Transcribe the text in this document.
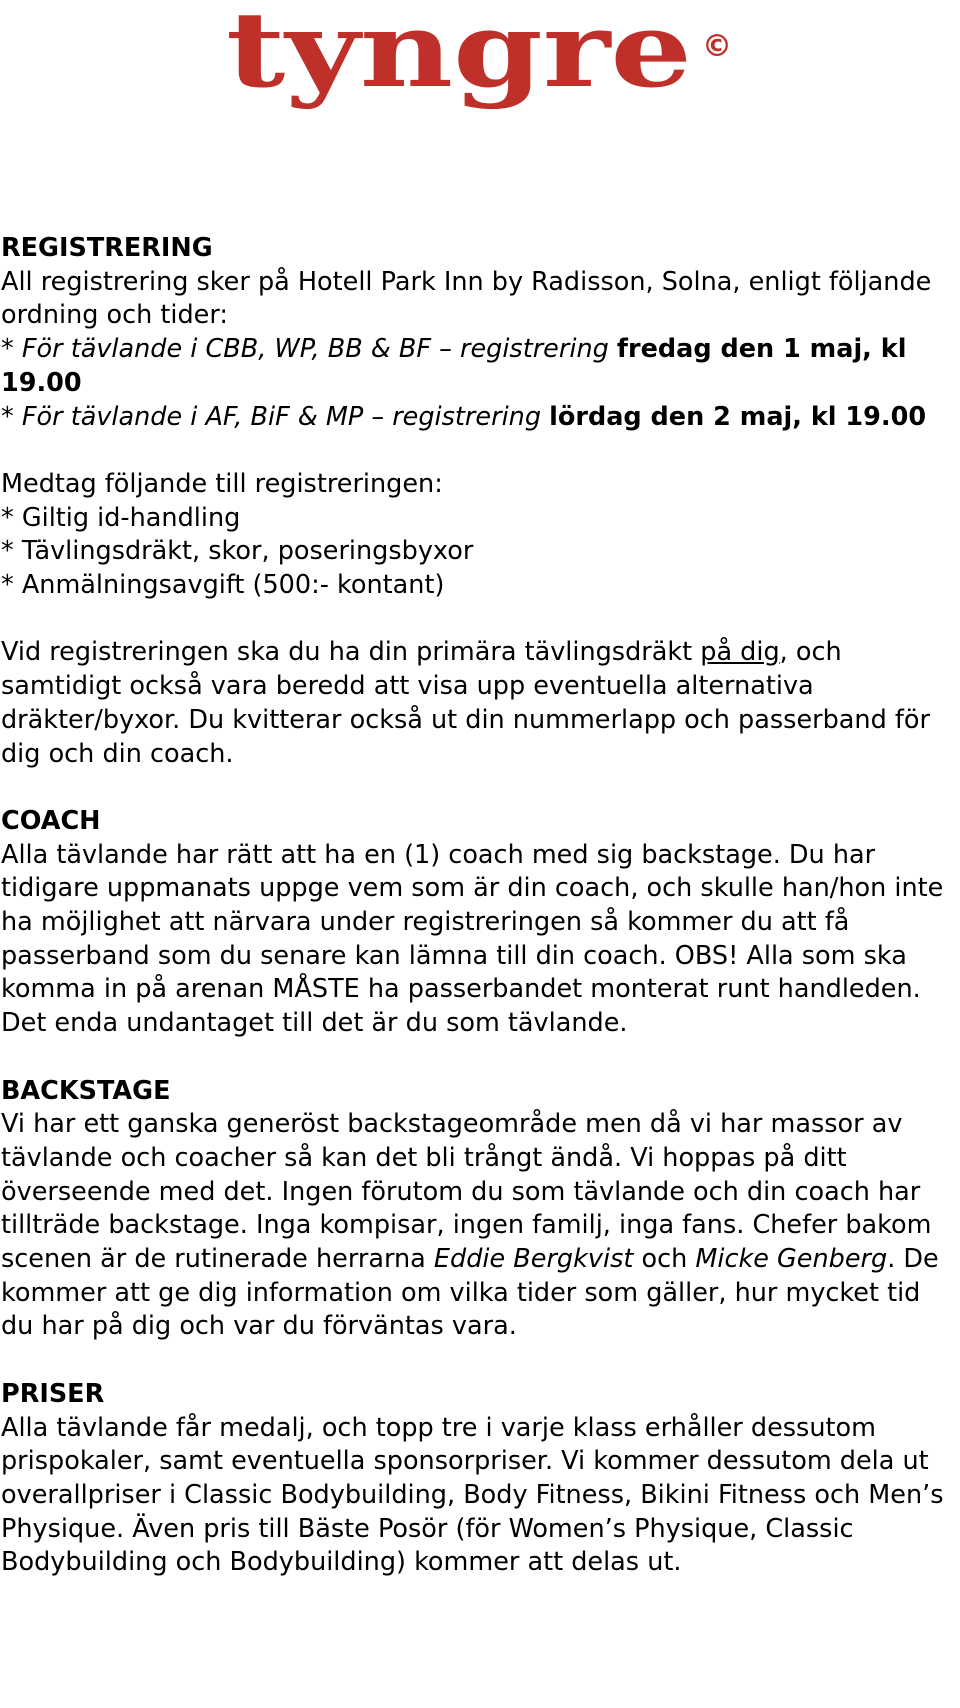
tyngre ©

REGISTRERING
All registrering sker på Hotell Park Inn by Radisson, Solna, enligt följande ordning och tider:
* För tävlande i CBB, WP, BB & BF – registrering fredag den 1 maj, kl 19.00
* För tävlande i AF, BiF & MP – registrering lördag den 2 maj, kl 19.00

Medtag följande till registreringen:
* Giltig id-handling
* Tävlingsdräkt, skor, poseringsbyxor
* Anmälningsavgift (500:- kontant)

Vid registreringen ska du ha din primära tävlingsdräkt på dig, och samtidigt också vara beredd att visa upp eventuella alternativa dräkter/byxor. Du kvitterar också ut din nummerlapp och passerband för dig och din coach.

COACH
Alla tävlande har rätt att ha en (1) coach med sig backstage. Du har tidigare uppmanats uppge vem som är din coach, och skulle han/hon inte ha möjlighet att närvara under registreringen så kommer du att få passerband som du senare kan lämna till din coach. OBS! Alla som ska komma in på arenan MÅSTE ha passerbandet monterat runt handleden. Det enda undantaget till det är du som tävlande.

BACKSTAGE
Vi har ett ganska generöst backstageområde men då vi har massor av tävlande och coacher så kan det bli trångt ändå. Vi hoppas på ditt överseende med det. Ingen förutom du som tävlande och din coach har tillträde backstage. Inga kompisar, ingen familj, inga fans. Chefer bakom scenen är de rutinerade herrarna Eddie Bergkvist och Micke Genberg. De kommer att ge dig information om vilka tider som gäller, hur mycket tid du har på dig och var du förväntas vara.

PRISER
Alla tävlande får medalj, och topp tre i varje klass erhåller dessutom prispokaler, samt eventuella sponsorpriser. Vi kommer dessutom dela ut overallpriser i Classic Bodybuilding, Body Fitness, Bikini Fitness och Men’s Physique. Även pris till Bäste Posör (för Women’s Physique, Classic Bodybuilding och Bodybuilding) kommer att delas ut.
